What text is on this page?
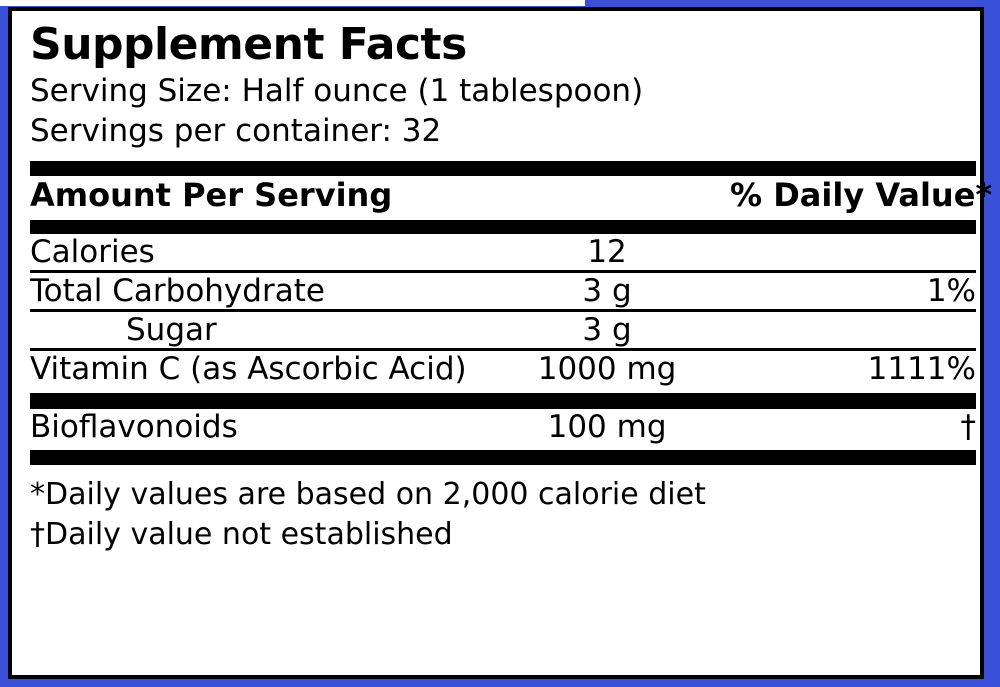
Supplement Facts
Serving Size: Half ounce (1 tablespoon)
Servings per container: 32
Amount Per Serving		% Daily Value*
Calories	12	
Total Carbohydrate	3 g	1%
Sugar	3 g	
Vitamin C (as Ascorbic Acid)	1000 mg	1111%
Bioflavonoids	100 mg	†
*Daily values are based on 2,000 calorie diet
†Daily value not established
